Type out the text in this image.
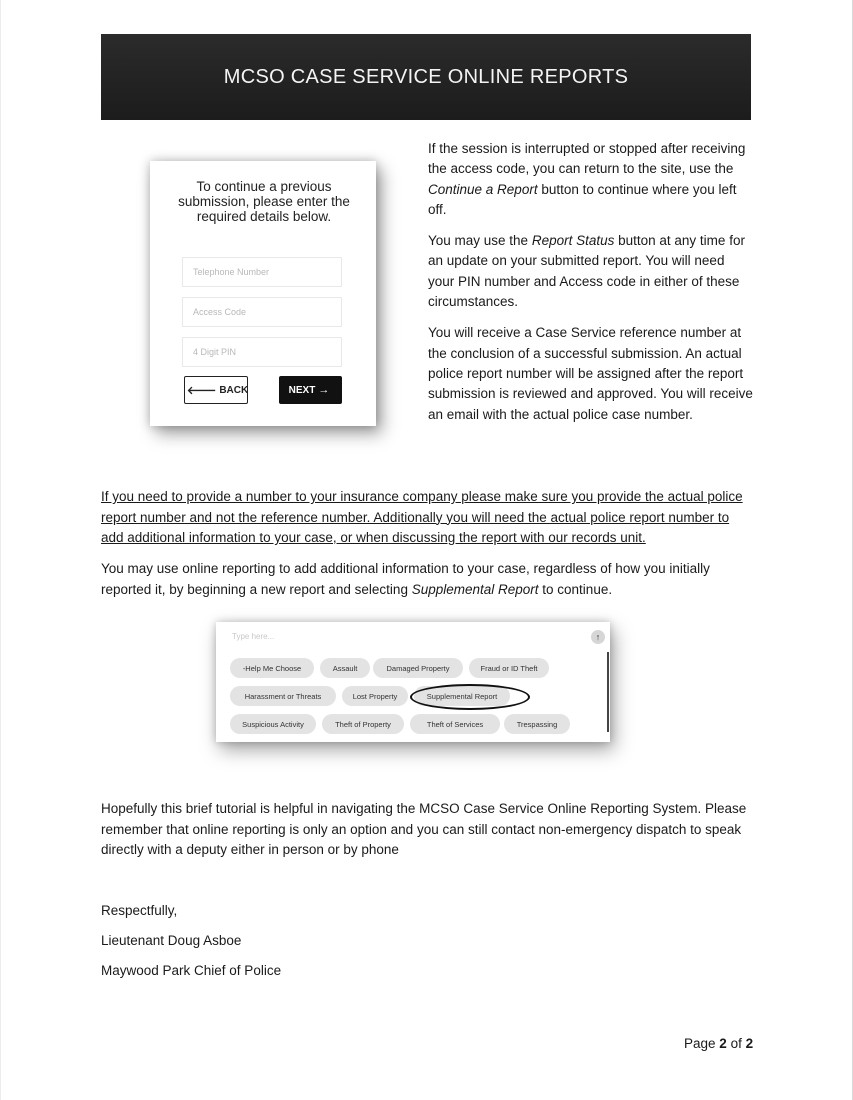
MCSO CASE SERVICE ONLINE REPORTS
To continue a previous submission, please enter the required details below.
Telephone Number
Access Code
4 Digit PIN
🡐 BACK	NEXT →

If the session is interrupted or stopped after receiving the access code, you can return to the site, use the Continue a Report button to continue where you left off.

You may use the Report Status button at any time for an update on your submitted report. You will need your PIN number and Access code in either of these circumstances.

You will receive a Case Service reference number at the conclusion of a successful submission. An actual police report number will be assigned after the report submission is reviewed and approved. You will receive an email with the actual police case number.

If you need to provide a number to your insurance company please make sure you provide the actual police report number and not the reference number. Additionally you will need the actual police report number to add additional information to your case, or when discussing the report with our records unit.
You may use online reporting to add additional information to your case, regardless of how you initially reported it, by beginning a new report and selecting Supplemental Report to continue.
Type here...	↑
-Help Me Choose	Assault	Damaged Property	Fraud or ID Theft
Harassment or Threats	Lost Property	Supplemental Report
Suspicious Activity	Theft of Property	Theft of Services	Trespassing
Hopefully this brief tutorial is helpful in navigating the MCSO Case Service Online Reporting System. Please remember that online reporting is only an option and you can still contact non-emergency dispatch to speak directly with a deputy either in person or by phone
Respectfully,
Lieutenant Doug Asboe
Maywood Park Chief of Police
Page 2 of 2
